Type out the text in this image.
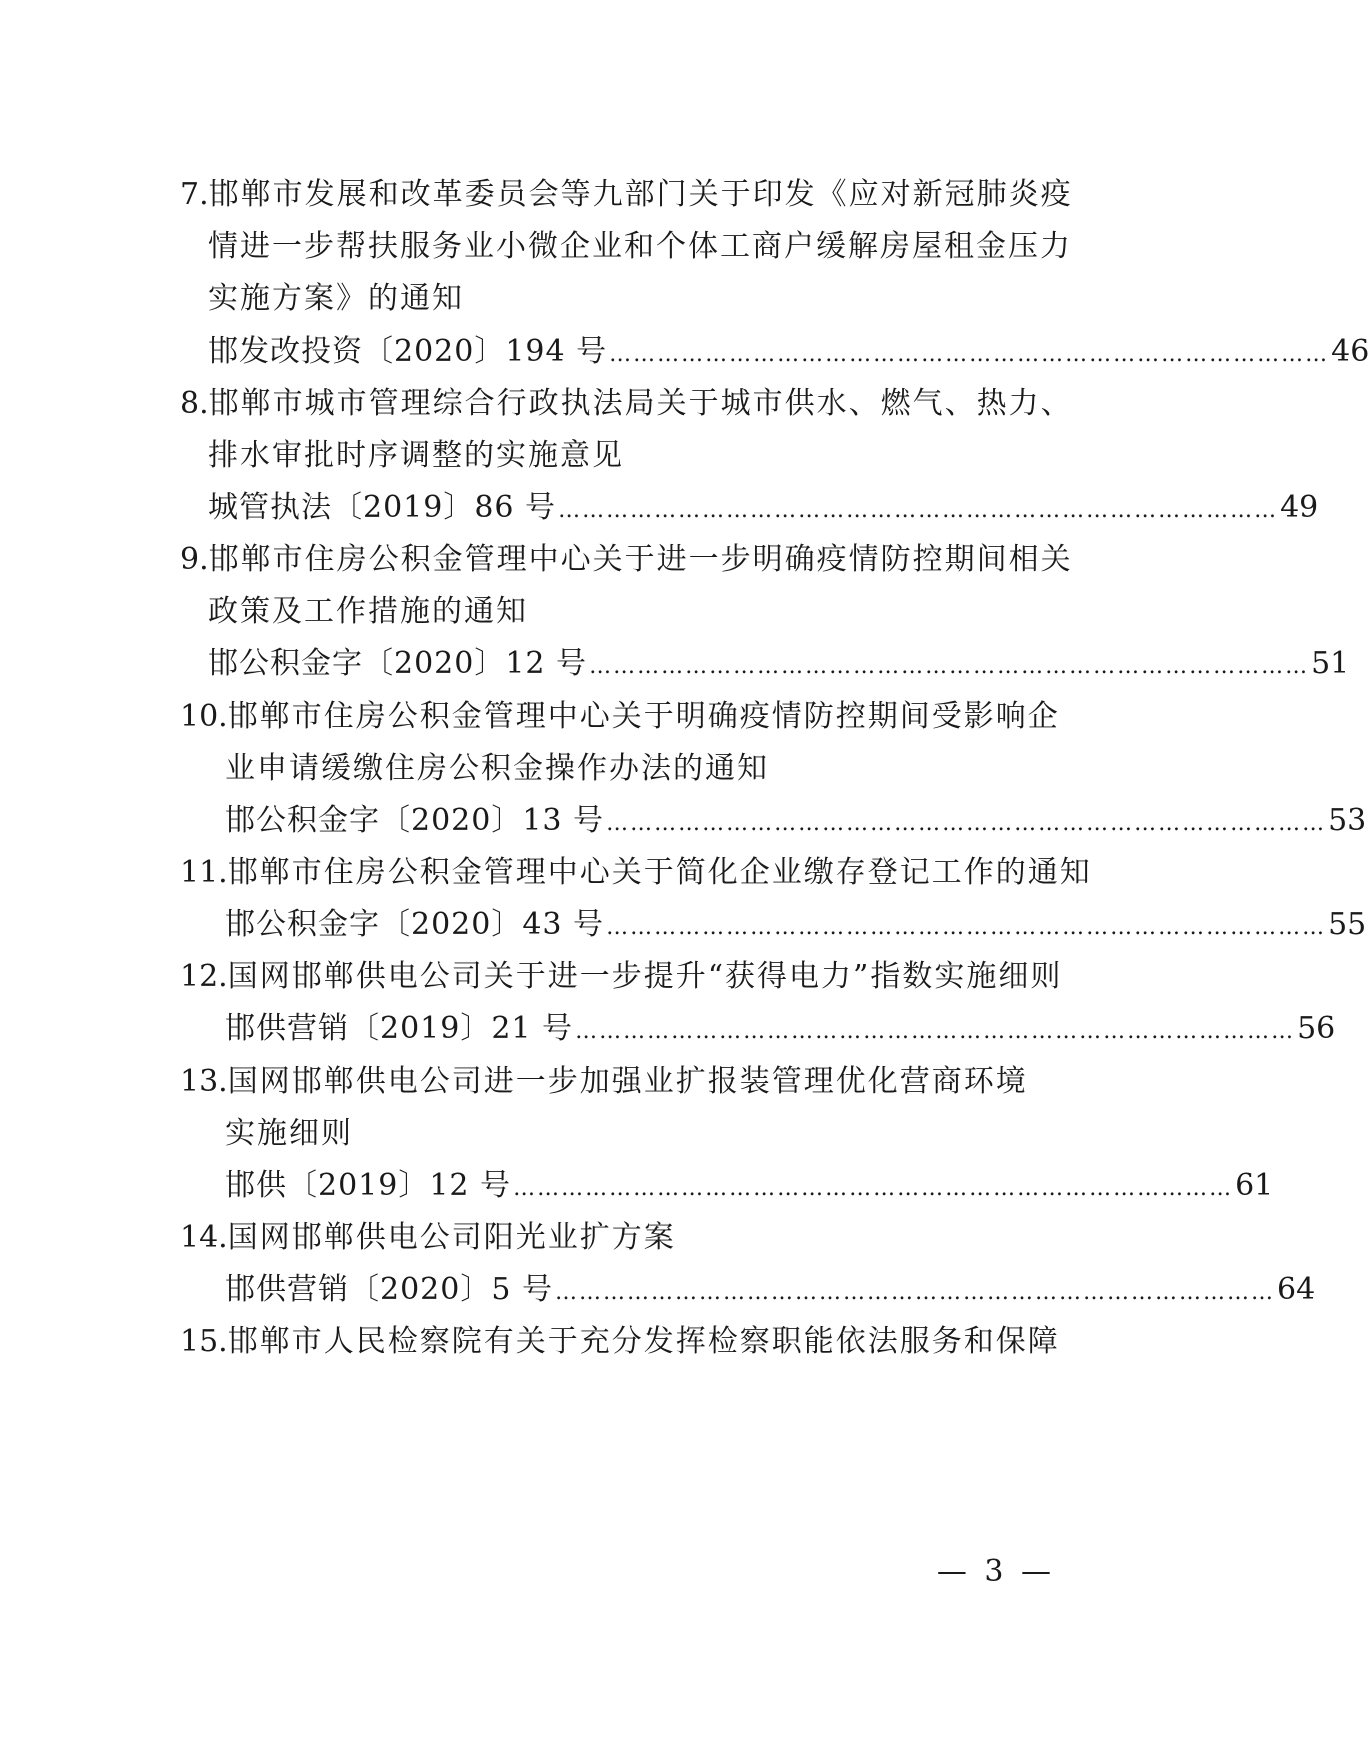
7.邯郸市发展和改革委员会等九部门关于印发《应对新冠肺炎疫
情进一步帮扶服务业小微企业和个体工商户缓解房屋租金压力
实施方案》的通知
邯发改投资〔2020〕194 号 ……………………………………………………………………………… 46
8.邯郸市城市管理综合行政执法局关于城市供水、燃气、热力、
排水审批时序调整的实施意见
城管执法〔2019〕86 号 ……………………………………………………………………………… 49
9.邯郸市住房公积金管理中心关于进一步明确疫情防控期间相关
政策及工作措施的通知
邯公积金字〔2020〕12 号 ……………………………………………………………………………… 51
10.邯郸市住房公积金管理中心关于明确疫情防控期间受影响企
业申请缓缴住房公积金操作办法的通知
邯公积金字〔2020〕13 号 ……………………………………………………………………………… 53
11.邯郸市住房公积金管理中心关于简化企业缴存登记工作的通知
邯公积金字〔2020〕43 号 ……………………………………………………………………………… 55
12.国网邯郸供电公司关于进一步提升“获得电力”指数实施细则
邯供营销〔2019〕21 号 ……………………………………………………………………………… 56
13.国网邯郸供电公司进一步加强业扩报装管理优化营商环境
实施细则
邯供〔2019〕12 号 ……………………………………………………………………………… 61
14.国网邯郸供电公司阳光业扩方案
邯供营销〔2020〕5 号 ……………………………………………………………………………… 64
15.邯郸市人民检察院有关于充分发挥检察职能依法服务和保障
— 3 —
